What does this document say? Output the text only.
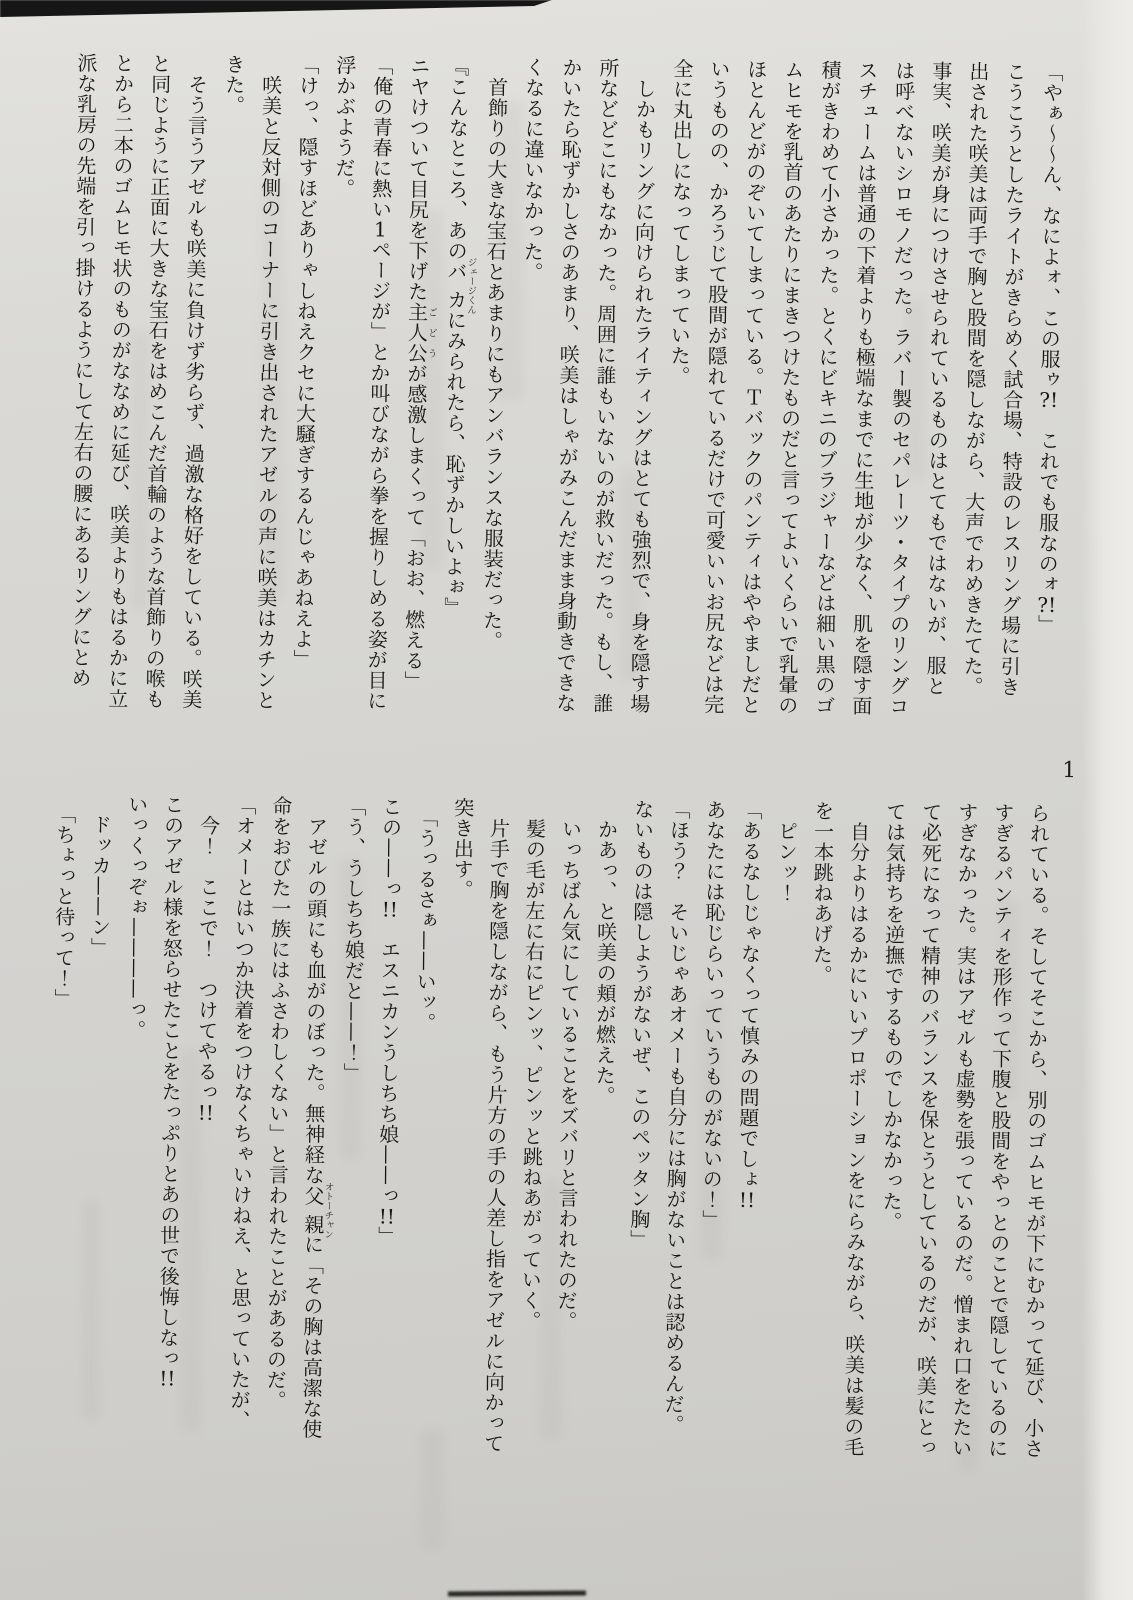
「やぁ～～ん、なによォ、この服ゥ?!　これでも服なのォ?!」

こうこうとしたライトがきらめく試合場、特設のレスリング場に引き

出された咲美は両手で胸と股間を隠しながら、大声でわめきたてた。

事実、咲美が身につけさせられているものはとてもではないが、服と

は呼べないシロモノだった。ラバー製のセパレーツ・タイプのリングコ

スチュームは普通の下着よりも極端なまでに生地が少なく、肌を隠す面

積がきわめて小さかった。とくにビキニのブラジャーなどは細い黒のゴ

ムヒモを乳首のあたりにまきつけたものだと言ってよいくらいで乳暈の

ほとんどがのぞいてしまっている。Ｔバックのパンティはややましだと

いうものの、かろうじて股間が隠れているだけで可愛いいお尻などは完

全に丸出しになってしまっていた。

　しかもリングに向けられたライティングはとても強烈で、身を隠す場

所などどこにもなかった。周囲に誰もいないのが救いだった。もし、誰

かいたら恥ずかしさのあまり、咲美はしゃがみこんだまま身動きできな

くなるに違いなかった。

　首飾りの大きな宝石とあまりにもアンバランスな服装だった。

『こんなところ、あのバカジェージくんにみられたら、恥ずかしいよぉ』

ニヤけついて目尻を下げた主人公ごどうが感激しまくって「おお、燃える」

「俺の青春に熱い1ページが」とか叫びながら拳を握りしめる姿が目に

浮かぶようだ。

「けっ、隠すほどありゃしねえクセに大騒ぎするんじゃあねえよ」

　咲美と反対側のコーナーに引き出されたアゼルの声に咲美はカチンと

きた。

　そう言うアゼルも咲美に負けず劣らず、過激な格好をしている。咲美

と同じように正面に大きな宝石をはめこんだ首輪のような首飾りの喉も

とから二本のゴムヒモ状のものがななめに延び、咲美よりもはるかに立

派な乳房の先端を引っ掛けるようにして左右の腰にあるリングにとめ

られている。そしてそこから、別のゴムヒモが下にむかって延び、小さ

すぎるパンティを形作って下腹と股間をやっとのことで隠しているのに

すぎなかった。実はアゼルも虚勢を張っているのだ。憎まれ口をたたい

て必死になって精神のバランスを保とうとしているのだが、咲美にとっ

ては気持ちを逆撫でするものでしかなかった。

　自分よりはるかにいいプロポーションをにらみながら、咲美は髪の毛

を一本跳ねあげた。

　ピンッ！

「あるなしじゃなくって慎みの問題でしょ!!

あなたには恥じらいっていうものがないの！」

「ほう？　そいじゃあオメーも自分には胸がないことは認めるんだ。

ないものは隠しようがないぜ、このペッタン胸」

　かあっ、と咲美の頬が燃えた。

　いっちばん気にしていることをズバリと言われたのだ。

　髪の毛が左に右にピンッ、ピンッと跳ねあがっていく。

　片手で胸を隠しながら、もう片方の手の人差し指をアゼルに向かって

突き出す。

　「うっるさぁ——いッ。

この——っ!!　エスニカンうしちち娘——っ!!」

「う、うしちち娘だと——！」

　アゼルの頭にも血がのぼった。無神経な父親オトーチャンに「その胸は高潔な使

命をおびた一族にはふさわしくない」と言われたことがあるのだ。

「オメーとはいつか決着をつけなくちゃいけねえ、と思っていたが、

　今！　ここで！　つけてやるっ!!

このアゼル様を怒らせたことをたっぷりとあの世で後悔しなっ!!

いっくっぞぉ————っ。

　ドッカ——ン」

　「ちょっと待って！」

1
